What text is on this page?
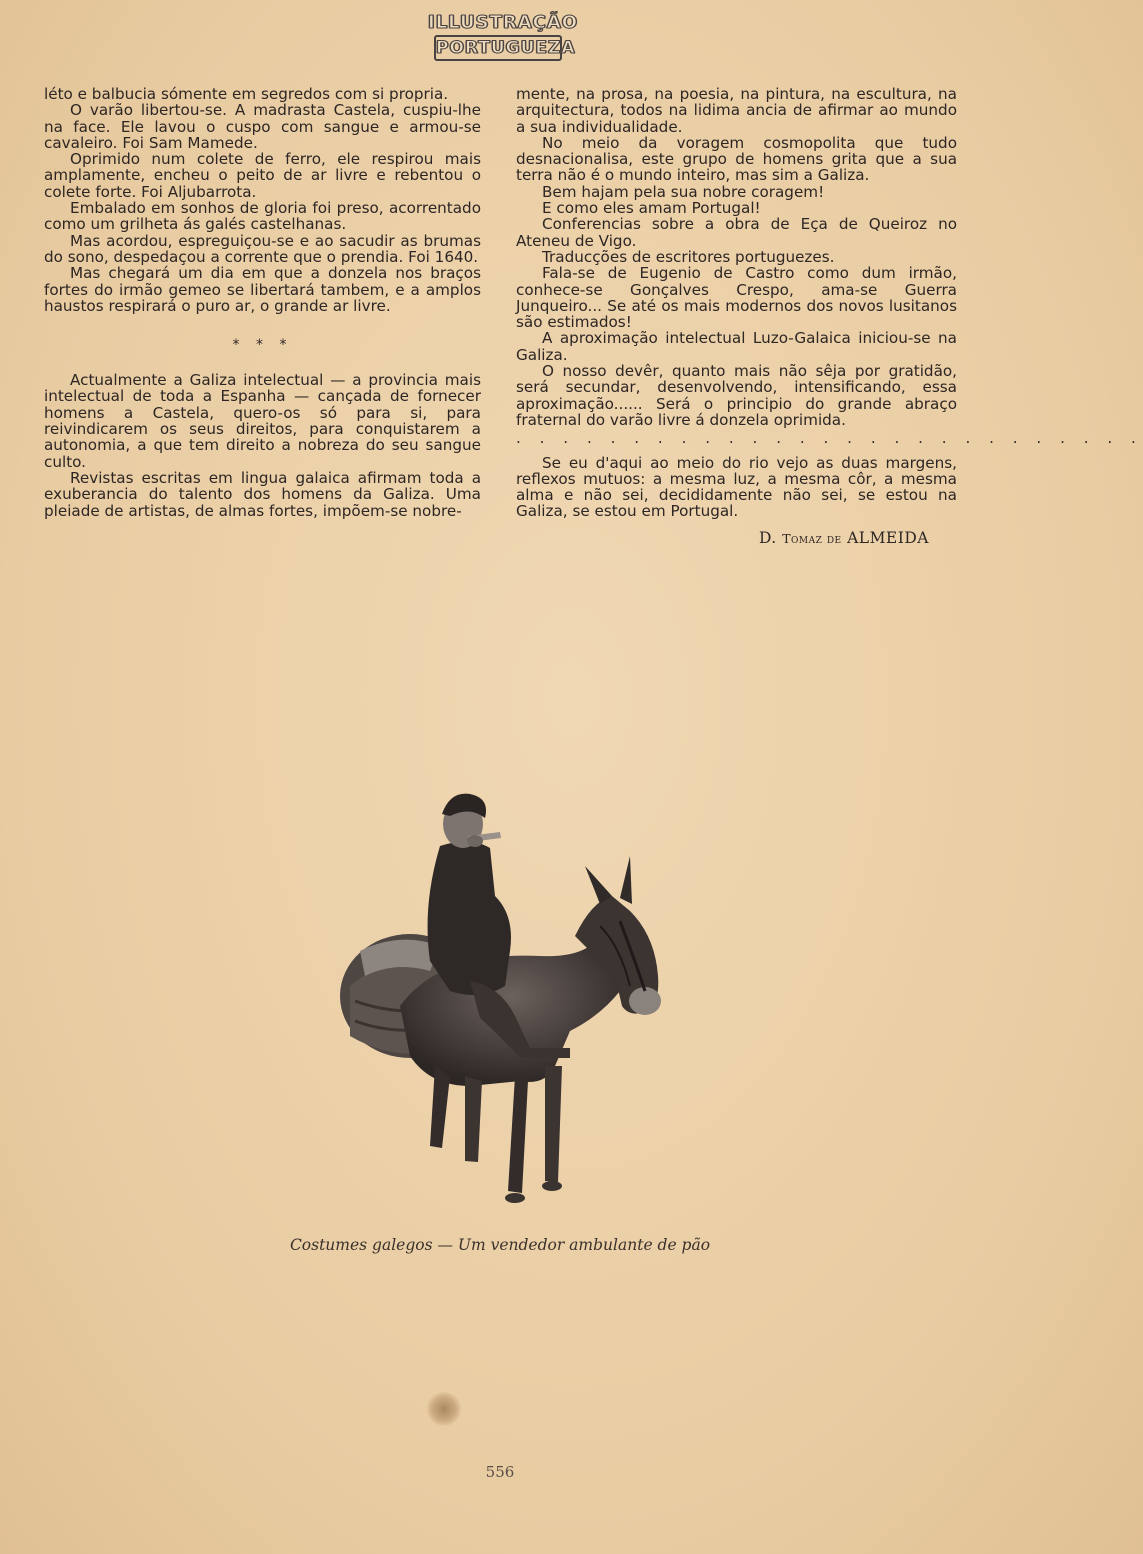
ILLUSTRAÇÃO
PORTUGUEZA

léto e balbucia sómente em segredos com si propria.

O varão libertou-se. A madrasta Castela, cuspiu-lhe na face. Ele lavou o cuspo com sangue e armou-se cavaleiro. Foi Sam Mamede.

Oprimido num colete de ferro, ele respirou mais amplamente, encheu o peito de ar livre e rebentou o colete forte. Foi Aljubarrota.

Embalado em sonhos de gloria foi preso, acorrentado como um grilheta ás galés castelhanas.

Mas acordou, espreguiçou-se e ao sacudir as brumas do sono, despedaçou a corrente que o prendia. Foi 1640.

Mas chegará um dia em que a donzela nos braços fortes do irmão gemeo se libertará tambem, e a amplos haustos respirará o puro ar, o grande ar livre.

* * *

Actualmente a Galiza intelectual — a provincia mais intelectual de toda a Espanha — cançada de fornecer homens a Castela, quero-os só para si, para reivindicarem os seus direitos, para conquistarem a autonomia, a que tem direito a nobreza do seu sangue culto.

Revistas escritas em lingua galaica afirmam toda a exuberancia do talento dos homens da Galiza. Uma pleiade de artistas, de almas fortes, impõem-se nobre-

mente, na prosa, na poesia, na pintura, na escultura, na arquitectura, todos na lidima ancia de afirmar ao mundo a sua individualidade.

No meio da voragem cosmopolita que tudo desnacionalisa, este grupo de homens grita que a sua terra não é o mundo inteiro, mas sim a Galiza.

Bem hajam pela sua nobre coragem!

E como eles amam Portugal!

Conferencias sobre a obra de Eça de Queiroz no Ateneu de Vigo.

Traducções de escritores portuguezes.

Fala-se de Eugenio de Castro como dum irmão, conhece-se Gonçalves Crespo, ama-se Guerra Junqueiro... Se até os mais modernos dos novos lusitanos são estimados!

A aproximação intelectual Luzo-Galaica iniciou-se na Galiza.

O nosso devêr, quanto mais não sêja por gratidão, será secundar, desenvolvendo, intensificando, essa aproximação...... Será o principio do grande abraço fraternal do varão livre á donzela oprimida.

. . . . . . . . . . . . . . . . . . . . . . . . . . .

Se eu d'aqui ao meio do rio vejo as duas margens, reflexos mutuos: a mesma luz, a mesma côr, a mesma alma e não sei, decididamente não sei, se estou na Galiza, se estou em Portugal.

D. Tomaz de ALMEIDA
Costumes galegos — Um vendedor ambulante de pão
556
